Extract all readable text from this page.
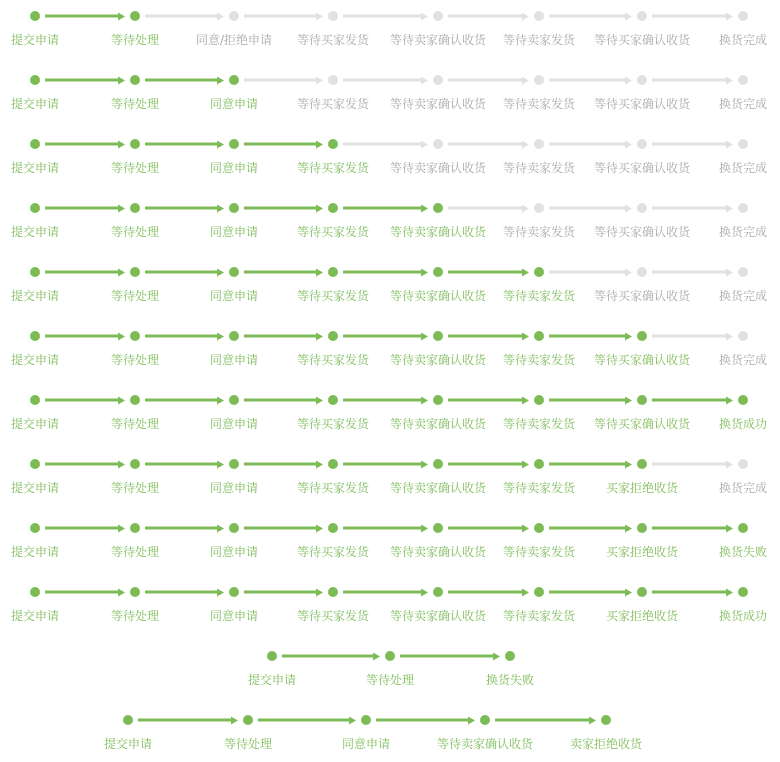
提交申请	等待处理	同意/拒绝申请 等待买家发货 等待卖家确认收货 等待卖家发货 等待买家确认收货 换货完成
提交申请	等待处理	同意申请	等待买家发货 等待卖家确认收货 等待卖家发货 等待买家确认收货 换货完成
提交申请	等待处理	同意申请	等待买家发货 等待卖家确认收货 等待卖家发货 等待买家确认收货 换货完成
提交申请	等待处理	同意申请	等待买家发货 等待卖家确认收货 等待卖家发货 等待买家确认收货 换货完成
提交申请	等待处理	同意申请	等待买家发货 等待卖家确认收货 等待卖家发货 等待买家确认收货 换货完成
提交申请	等待处理	同意申请	等待买家发货 等待卖家确认收货 等待卖家发货 等待买家确认收货 换货完成
提交申请	等待处理	同意申请	等待买家发货 等待卖家确认收货 等待卖家发货 等待买家确认收货 换货成功
提交申请	等待处理	同意申请	等待买家发货 等待卖家确认收货 等待卖家发货	买家拒绝收货	换货完成
提交申请	等待处理	同意申请	等待买家发货 等待卖家确认收货 等待卖家发货	买家拒绝收货	换货失败
提交申请	等待处理	同意申请	等待买家发货 等待卖家确认收货 等待卖家发货	买家拒绝收货	换货成功
提交申请	等待处理	换货失败
提交申请	等待处理	同意申请	等待卖家确认收货	卖家拒绝收货
